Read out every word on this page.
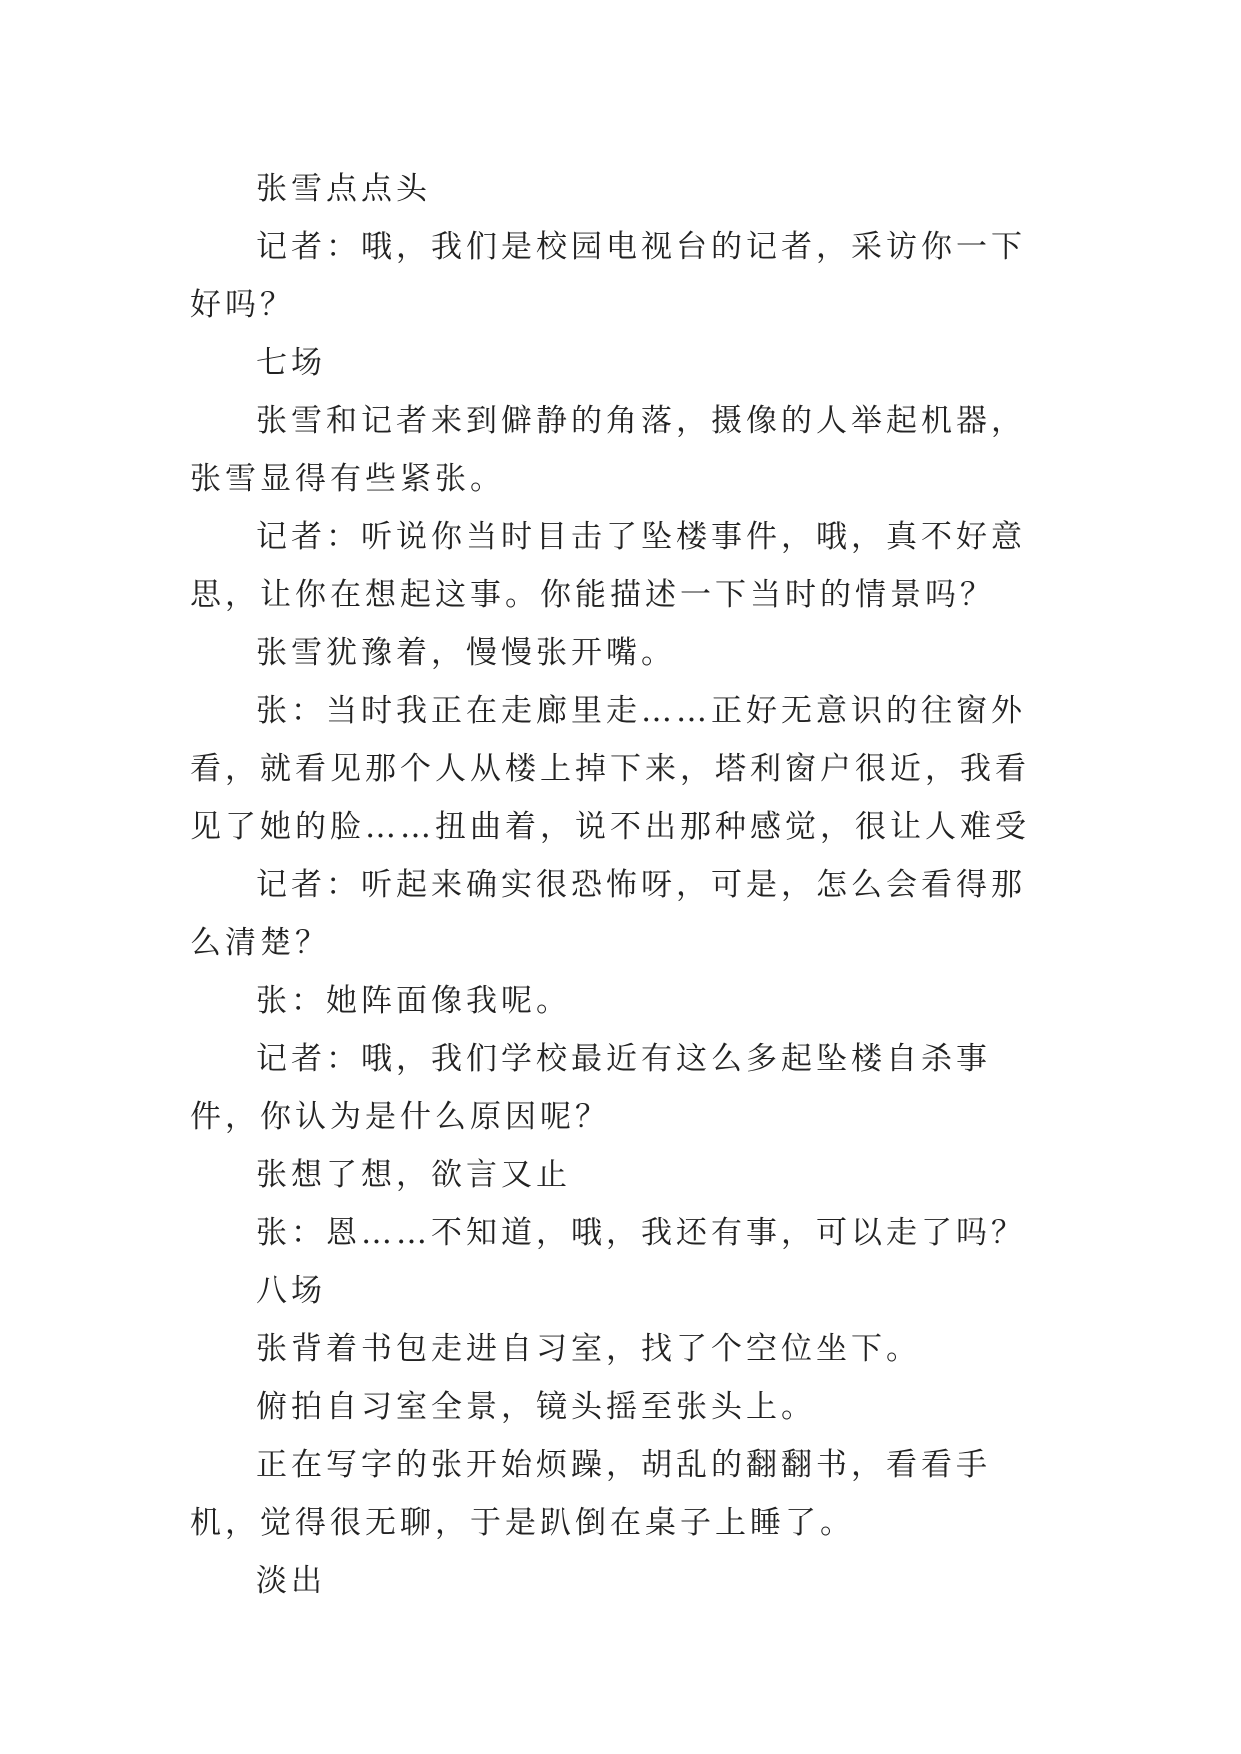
张雪点点头

记者：哦，我们是校园电视台的记者，采访你一下好吗？

七场

张雪和记者来到僻静的角落，摄像的人举起机器，张雪显得有些紧张。

记者：听说你当时目击了坠楼事件，哦，真不好意思，让你在想起这事。你能描述一下当时的情景吗？

张雪犹豫着，慢慢张开嘴。

张：当时我正在走廊里走……正好无意识的往窗外看，就看见那个人从楼上掉下来，塔利窗户很近，我看见了她的脸……扭曲着，说不出那种感觉，很让人难受

记者：听起来确实很恐怖呀，可是，怎么会看得那么清楚？

张：她阵面像我呢。

记者：哦，我们学校最近有这么多起坠楼自杀事件，你认为是什么原因呢？

张想了想，欲言又止

张：恩……不知道，哦，我还有事，可以走了吗？

八场

张背着书包走进自习室，找了个空位坐下。

俯拍自习室全景，镜头摇至张头上。

正在写字的张开始烦躁，胡乱的翻翻书，看看手机，觉得很无聊，于是趴倒在桌子上睡了。

淡出
